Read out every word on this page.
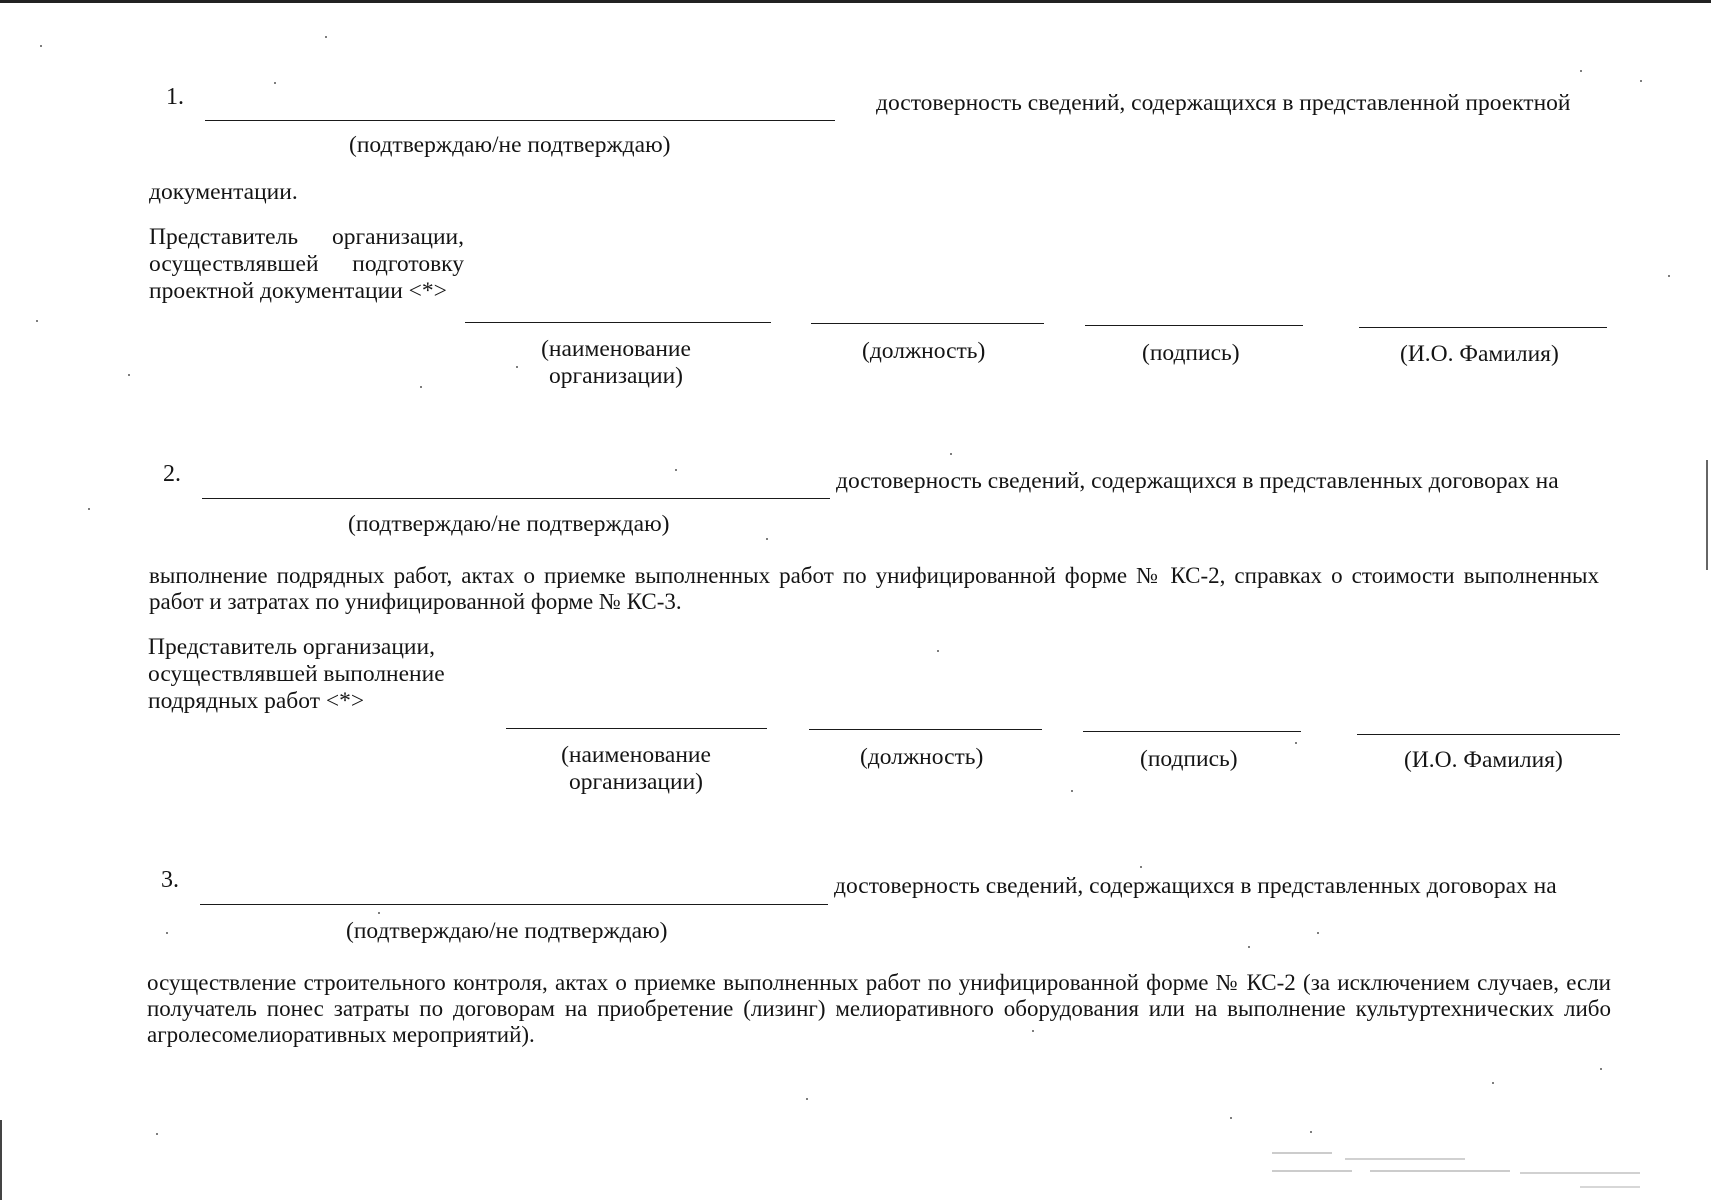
1.	достоверность сведений, содержащихся в представленной проектной
(подтверждаю/не подтверждаю)
документации.
Представитель организации,
осуществлявшей подготовку
проектной документации <*>
(наименование
организации)
(должность)	(подпись)	(И.О. Фамилия)
2.	достоверность сведений, содержащихся в представленных договорах на
(подтверждаю/не подтверждаю)
выполнение подрядных работ, актах о приемке выполненных работ по унифицированной форме № КС-2, справках о стоимости выполненных работ и затратах по унифицированной форме № КС-3.
Представитель организации,
осуществлявшей выполнение
подрядных работ <*>
(наименование
организации)
(должность)	(подпись)	(И.О. Фамилия)
3.	достоверность сведений, содержащихся в представленных договорах на
(подтверждаю/не подтверждаю)
осуществление строительного контроля, актах о приемке выполненных работ по унифицированной форме № КС-2 (за исключением случаев, если получатель понес затраты по договорам на приобретение (лизинг) мелиоративного оборудования или на выполнение культуртехнических либо агролесомелиоративных мероприятий).
